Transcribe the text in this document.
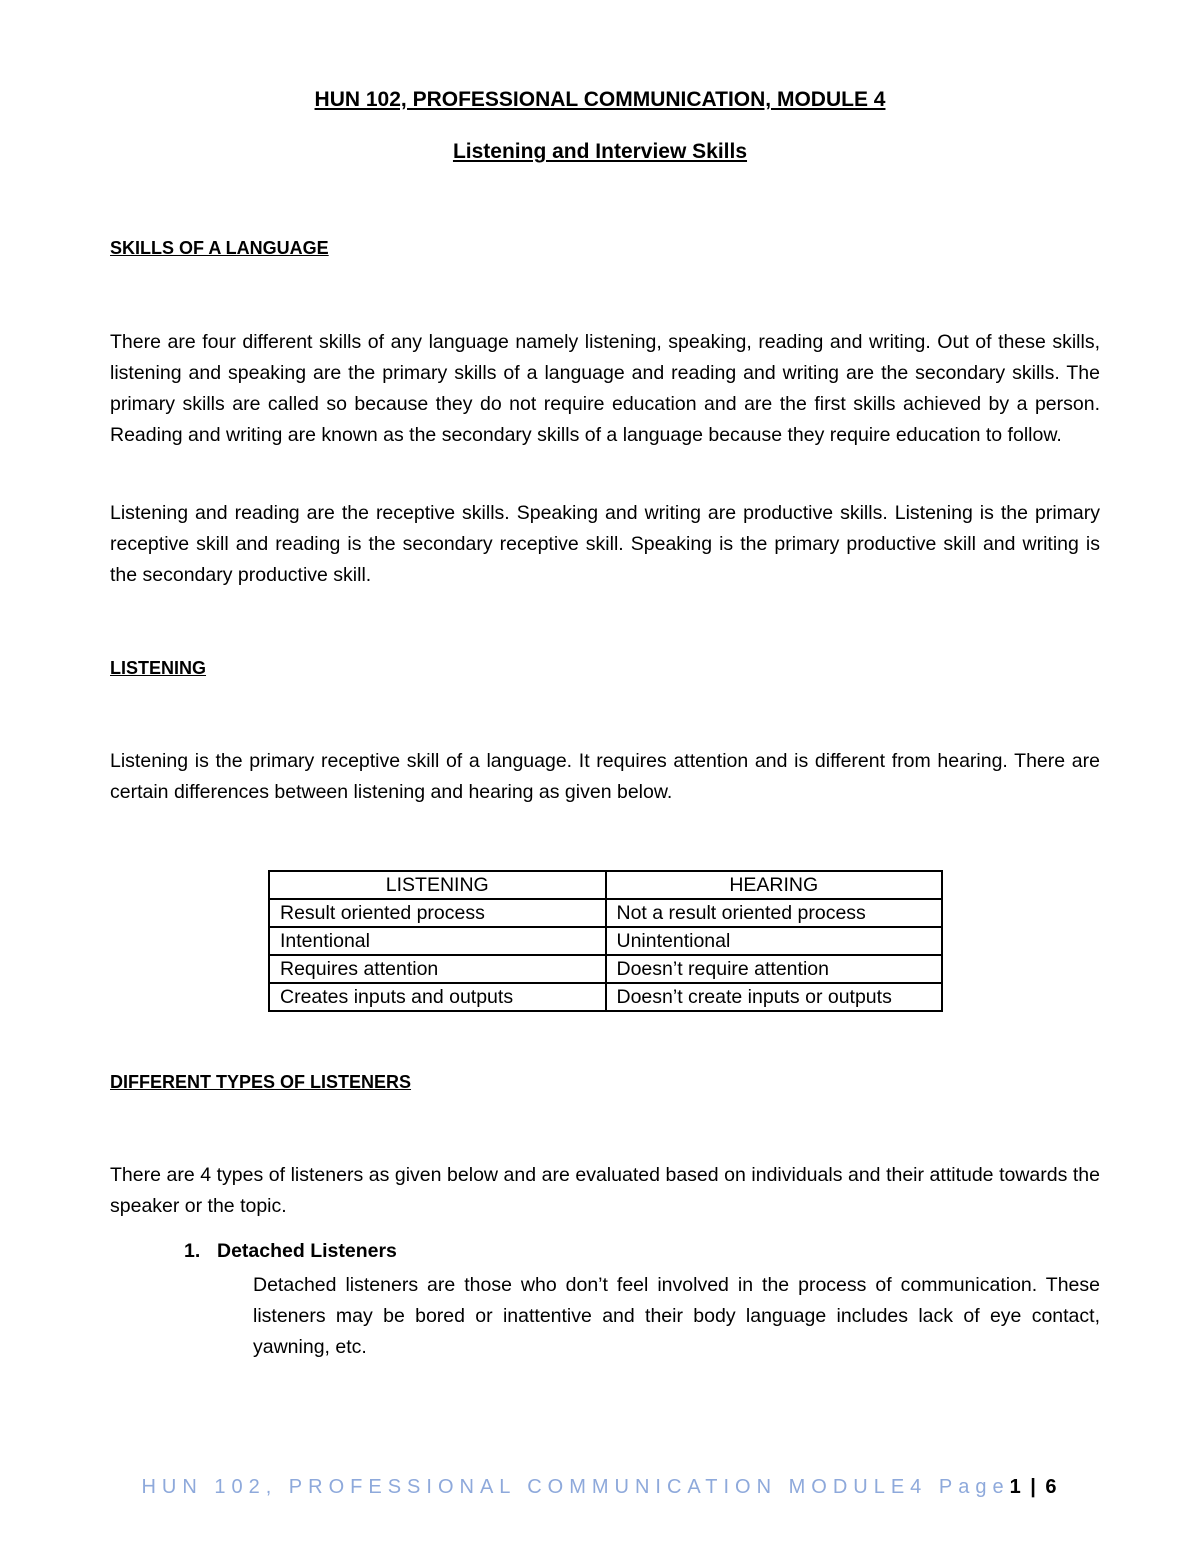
HUN 102, PROFESSIONAL COMMUNICATION, MODULE 4
Listening and Interview Skills
SKILLS OF A LANGUAGE
There are four different skills of any language namely listening, speaking, reading and writing. Out of these skills, listening and speaking are the primary skills of a language and reading and writing are the secondary skills. The primary skills are called so because they do not require education and are the first skills achieved by a person. Reading and writing are known as the secondary skills of a language because they require education to follow.
Listening and reading are the receptive skills. Speaking and writing are productive skills. Listening is the primary receptive skill and reading is the secondary receptive skill. Speaking is the primary productive skill and writing is the secondary productive skill.
LISTENING
Listening is the primary receptive skill of a language. It requires attention and is different from hearing. There are certain differences between listening and hearing as given below.
LISTENING	HEARING
Result oriented process	Not a result oriented process
Intentional	Unintentional
Requires attention	Doesn’t require attention
Creates inputs and outputs	Doesn’t create inputs or outputs
DIFFERENT TYPES OF LISTENERS
There are 4 types of listeners as given below and are evaluated based on individuals and their attitude towards the speaker or the topic.
1. Detached Listeners
Detached listeners are those who don’t feel involved in the process of communication. These listeners may be bored or inattentive and their body language includes lack of eye contact, yawning, etc.
HUN 102, PROFESSIONAL COMMUNICATION MODULE4 Page1 | 6
